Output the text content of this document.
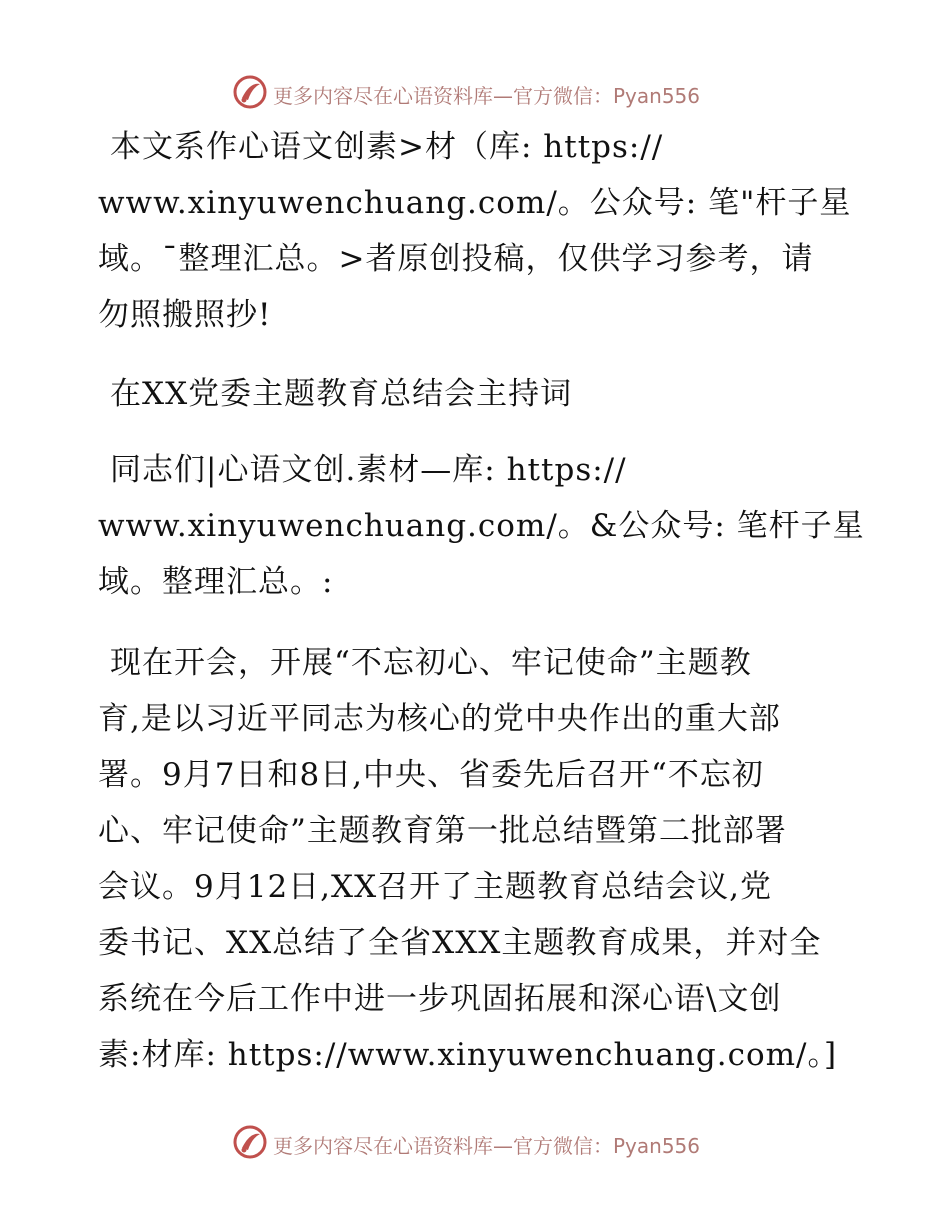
更多内容尽在心语资料库—官方微信：Pyan556
本文系作心语文创素>材（库: https://
www.xinyuwenchuang.com/。公众号: 笔"杆子星
域。¯整理汇总。>者原创投稿，仅供学习参考，请
勿照搬照抄!
在XX党委主题教育总结会主持词
同志们|心语文创.素材—库: https://
www.xinyuwenchuang.com/。&公众号: 笔杆子星
域。整理汇总。:
现在开会，开展“不忘初心、牢记使命”主题教
育,是以习近平同志为核心的党中央作出的重大部
署。9月7日和8日,中央、省委先后召开“不忘初
心、牢记使命”主题教育第一批总结暨第二批部署
会议。9月12日,XX召开了主题教育总结会议,党
委书记、XX总结了全省XXX主题教育成果，并对全
系统在今后工作中进一步巩固拓展和深心语\文创
素:材库: https://www.xinyuwenchuang.com/。]
更多内容尽在心语资料库—官方微信：Pyan556
